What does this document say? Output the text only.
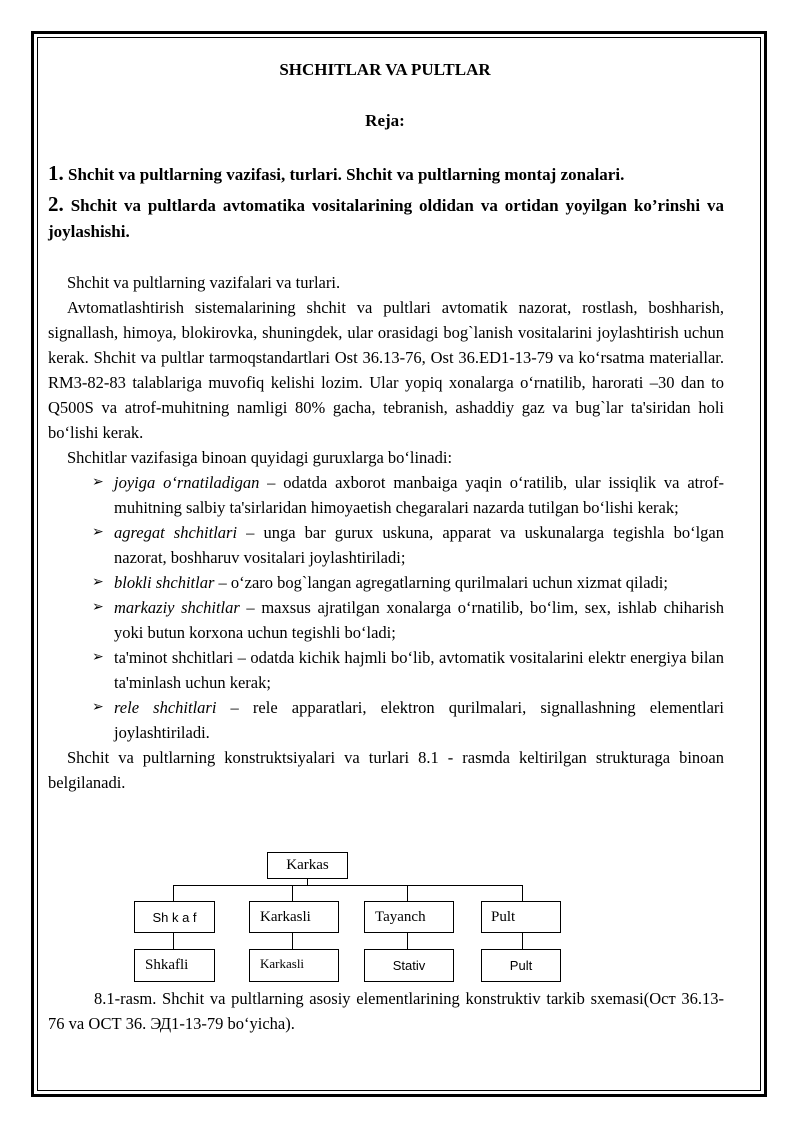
SHCHITLAR VA PULTLAR
Reja:
1. Shchit va pultlarning vazifasi, turlari. Shchit va pultlarning montaj zonalari.
2. Shchit va pultlarda avtomatika vositalarining oldidan va ortidan yoyilgan ko’rinshi va joylashishi.

Shchit va pultlarning vazifalari va turlari.

Avtomatlashtirish sistemalarining shchit va pultlari avtomatik nazorat, rostlash, boshharish, signallash, himoya, blokirovka, shuningdek, ular orasidagi bog`lanish vositalarini joylashtirish uchun kerak. Shchit va pultlar tarmoqstandartlari Ost 36.13-76, Ost 36.ED1-13-79 va ko‘rsatma materiallar. RM3-82-83 talablariga muvofiq kelishi lozim. Ular yopiq xonalarga o‘rnatilib, harorati –30 dan to Q500S va atrof-muhitning namligi 80% gacha, tebranish, ashaddiy gaz va bug`lar ta'siridan holi bo‘lishi kerak.

Shchitlar vazifasiga binoan quyidagi guruxlarga bo‘linadi:

➢ joyiga o‘rnatiladigan – odatda axborot manbaiga yaqin o‘ratilib, ular issiqlik va atrof-muhitning salbiy ta'sirlaridan himoyaetish chegaralari nazarda tutilgan bo‘lishi kerak;

➢ agregat shchitlari – unga bar gurux uskuna, apparat va uskunalarga tegishla bo‘lgan nazorat, boshharuv vositalari joylashtiriladi;

➢ blokli shchitlar – o‘zaro bog`langan agregatlarning qurilmalari uchun xizmat qiladi;

➢ markaziy shchitlar – maxsus ajratilgan xonalarga o‘rnatilib, bo‘lim, sex, ishlab chiharish yoki butun korxona uchun tegishli bo‘ladi;

➢ ta'minot shchitlari – odatda kichik hajmli bo‘lib, avtomatik vositalarini elektr energiya bilan ta'minlash uchun kerak;

➢ rele shchitlari – rele apparatlari, elektron qurilmalari, signallashning elementlari joylashtiriladi.

Shchit va pultlarning konstruktsiyalari va turlari 8.1 - rasmda keltirilgan strukturaga binoan belgilanadi.

Karkas
Sh k a f	Karkasli	Tayanch	Pult
Shkafli	Karkasli	Stativ	Pult
8.1-rasm. Shchit va pultlarning asosiy elementlarining konstruktiv tarkib sxemasi(Ост 36.13-76 va ОСТ 36. ЭД1-13-79 bo‘yicha).
